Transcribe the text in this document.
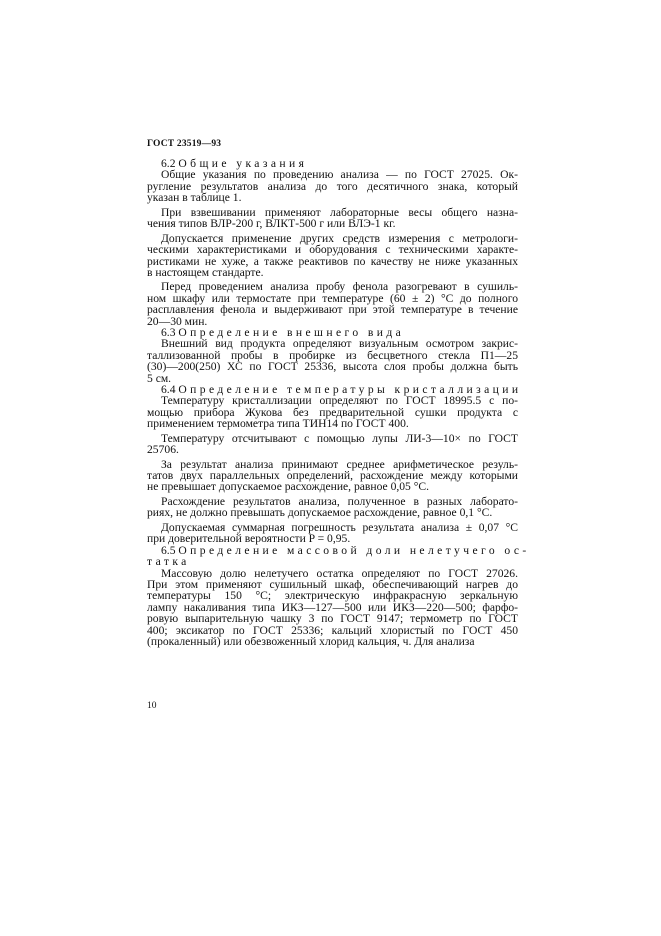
ГОСТ 23519—93
6.2 Общие указания
Общие указания по проведению анализа — по ГОСТ 27025. Ок-
ругление результатов анализа до того десятичного знака, который
указан в таблице 1.
При взвешивании применяют лабораторные весы общего назна-
чения типов ВЛР-200 г, ВЛКТ-500 г или ВЛЭ-1 кг.
Допускается применение других средств измерения с метрологи-
ческими характеристиками и оборудования с техническими характе-
ристиками не хуже, а также реактивов по качеству не ниже указанных
в настоящем стандарте.
Перед проведением анализа пробу фенола разогревают в сушиль-
ном шкафу или термостате при температуре (60 ± 2) °С до полного
расплавления фенола и выдерживают при этой температуре в течение
20—30 мин.
6.3 Определение внешнего вида
Внешний вид продукта определяют визуальным осмотром закрис-
таллизованной пробы в пробирке из бесцветного стекла П1—25
(30)—200(250) ХС по ГОСТ 25336, высота слоя пробы должна быть
5 см.
6.4 Определение температуры кристаллизации
Температуру кристаллизации определяют по ГОСТ 18995.5 с по-
мощью прибора Жукова без предварительной сушки продукта с
применением термометра типа ТИН14 по ГОСТ 400.
Температуру отсчитывают с помощью лупы ЛИ-3—10× по ГОСТ
25706.
За результат анализа принимают среднее арифметическое резуль-
татов двух параллельных определений, расхождение между которыми
не превышает допускаемое расхождение, равное 0,05 °С.
Расхождение результатов анализа, полученное в разных лаборато-
риях, не должно превышать допускаемое расхождение, равное 0,1 °С.
Допускаемая суммарная погрешность результата анализа ± 0,07 °С
при доверительной вероятности P = 0,95.
6.5 Определение массовой доли нелетучего ос-
татка
Массовую долю нелетучего остатка определяют по ГОСТ 27026.
При этом применяют сушильный шкаф, обеспечивающий нагрев до
температуры 150 °С; электрическую инфракрасную зеркальную
лампу накаливания типа ИКЗ—127—500 или ИКЗ—220—500; фарфо-
ровую выпарительную чашку 3 по ГОСТ 9147; термометр по ГОСТ
400; эксикатор по ГОСТ 25336; кальций хлористый по ГОСТ 450
(прокаленный) или обезвоженный хлорид кальция, ч. Для анализа
10
